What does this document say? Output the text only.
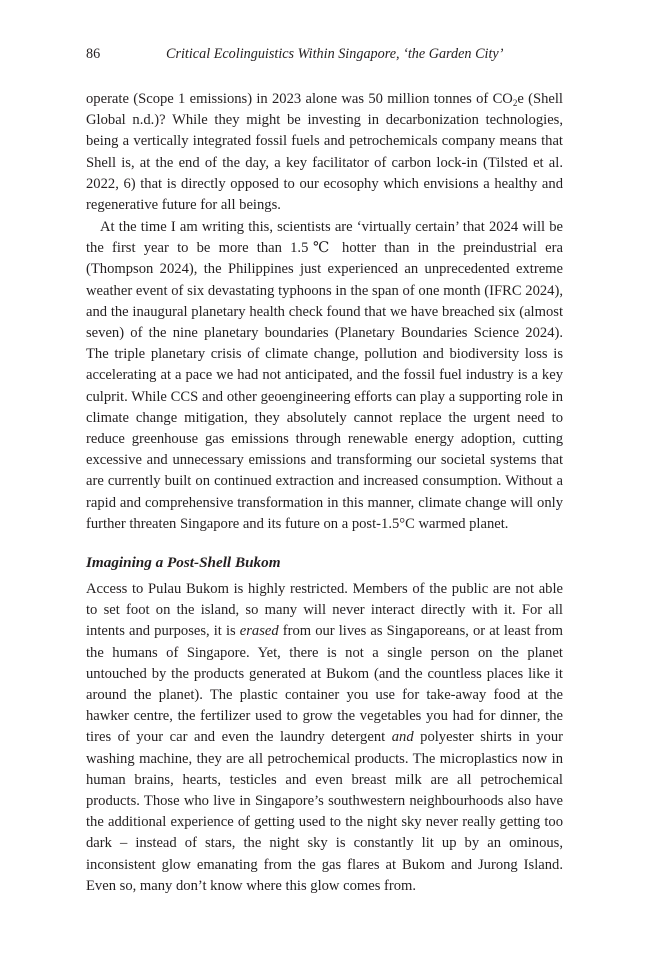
86	Critical Ecolinguistics Within Singapore, ‘the Garden City’

operate (Scope 1 emissions) in 2023 alone was 50 million tonnes of $CO_2e$ (Shell Global n.d.)? While they might be investing in decarbonization technologies, being a vertically integrated fossil fuels and petrochemicals company means that Shell is, at the end of the day, a key facilitator of carbon lock-in (Tilsted et al. 2022, 6) that is directly opposed to our ecosophy which envisions a healthy and regenerative future for all beings.

At the time I am writing this, scientists are ‘virtually certain’ that 2024 will be the first year to be more than 1.5℃ hotter than in the preindustrial era (Thompson 2024), the Philippines just experienced an unprecedented extreme weather event of six devastating typhoons in the span of one month (IFRC 2024), and the inaugural planetary health check found that we have breached six (almost seven) of the nine planetary boundaries (Planetary Boundaries Science 2024). The triple planetary crisis of climate change, pollution and biodiversity loss is accelerating at a pace we had not anticipated, and the fossil fuel industry is a key culprit. While CCS and other geoengineering efforts can play a supporting role in climate change mitigation, they absolutely cannot replace the urgent need to reduce greenhouse gas emissions through renewable energy adoption, cutting excessive and unnecessary emissions and transforming our societal systems that are currently built on continued extraction and increased consumption. Without a rapid and comprehensive transformation in this manner, climate change will only further threaten Singapore and its future on a post-1.5°C warmed planet.

Imagining a Post-Shell Bukom

Access to Pulau Bukom is highly restricted. Members of the public are not able to set foot on the island, so many will never interact directly with it. For all intents and purposes, it is erased from our lives as Singaporeans, or at least from the humans of Singapore. Yet, there is not a single person on the planet untouched by the products generated at Bukom (and the countless places like it around the planet). The plastic container you use for take-away food at the hawker centre, the fertilizer used to grow the vegetables you had for dinner, the tires of your car and even the laundry detergent and polyester shirts in your washing machine, they are all petrochemical products. The microplastics now in human brains, hearts, testicles and even breast milk are all petrochemical products. Those who live in Singapore’s southwestern neighbourhoods also have the additional experience of getting used to the night sky never really getting too dark – instead of stars, the night sky is constantly lit up by an ominous, inconsistent glow emanating from the gas flares at Bukom and Jurong Island. Even so, many don’t know where this glow comes from.
